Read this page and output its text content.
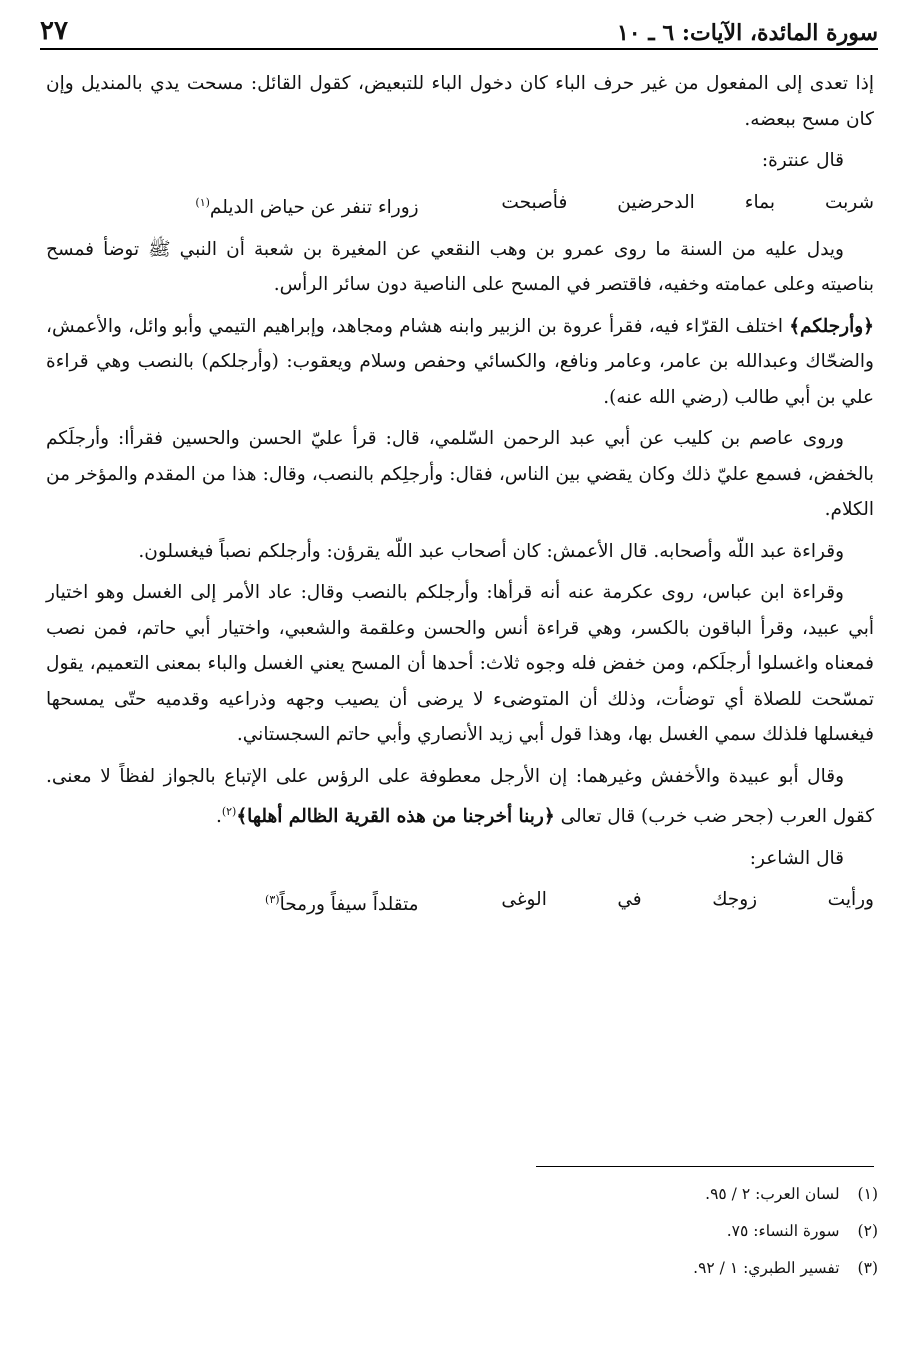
سورة المائدة، الآيات: ٦ ـ ١٠
٢٧

إذا تعدى إلى المفعول من غير حرف الباء كان دخول الباء للتبعيض، كقول القائل: مسحت يدي بالمنديل وإن كان مسح ببعضه.

قال عنترة:

شربت بماء الدحرضين فأصبحت
زوراء تنفر عن حياض الديلم$^{(١)}$

ويدل عليه من السنة ما روى عمرو بن وهب النقعي عن المغيرة بن شعبة أن النبي ﷺ توضأ فمسح بناصيته وعلى عمامته وخفيه، فاقتصر في المسح على الناصية دون سائر الرأس.

﴿وأرجلكم﴾ اختلف القرّاء فيه، فقرأ عروة بن الزبير وابنه هشام ومجاهد، وإبراهيم التيمي وأبو وائل، والأعمش، والضحّاك وعبدالله بن عامر، وعامر ونافع، والكسائي وحفص وسلام ويعقوب: (وأرجلكم) بالنصب وهي قراءة علي بن أبي طالب (رضي الله عنه).

وروى عاصم بن كليب عن أبي عبد الرحمن السّلمي، قال: قرأ عليّ الحسن والحسين فقرأا: وأرجلَكم بالخفض، فسمع عليّ ذلك وكان يقضي بين الناس، فقال: وأرجلِكم بالنصب، وقال: هذا من المقدم والمؤخر من الكلام.

وقراءة عبد اللّه وأصحابه. قال الأعمش: كان أصحاب عبد اللّه يقرؤن: وأرجلكم نصباً فيغسلون.

وقراءة ابن عباس، روى عكرمة عنه أنه قرأها: وأرجلكم بالنصب وقال: عاد الأمر إلى الغسل وهو اختيار أبي عبيد، وقرأ الباقون بالكسر، وهي قراءة أنس والحسن وعلقمة والشعبي، واختيار أبي حاتم، فمن نصب فمعناه واغسلوا أرجلَكم، ومن خفض فله وجوه ثلاث: أحدها أن المسح يعني الغسل والباء بمعنى التعميم، يقول تمسّحت للصلاة أي توضأت، وذلك أن المتوضىء لا يرضى أن يصيب وجهه وذراعيه وقدميه حتّى يمسحها فيغسلها فلذلك سمي الغسل بها، وهذا قول أبي زيد الأنصاري وأبي حاتم السجستاني.

وقال أبو عبيدة والأخفش وغيرهما: إن الأرجل معطوفة على الرؤس على الإتباع بالجواز لفظاً لا معنى. كقول العرب (جحر ضب خرب) قال تعالى ﴿ربنا أخرجنا من هذه القرية الظالم أهلها﴾$^{(٢)}$.

قال الشاعر:

ورأيت زوجك في الوغى
متقلداً سيفاً ورمحاً$^{(٣)}$
(١)
لسان العرب: ٢ / ٩٥.
(٢)
سورة النساء: ٧٥.
(٣)
تفسير الطبري: ١ / ٩٢.
